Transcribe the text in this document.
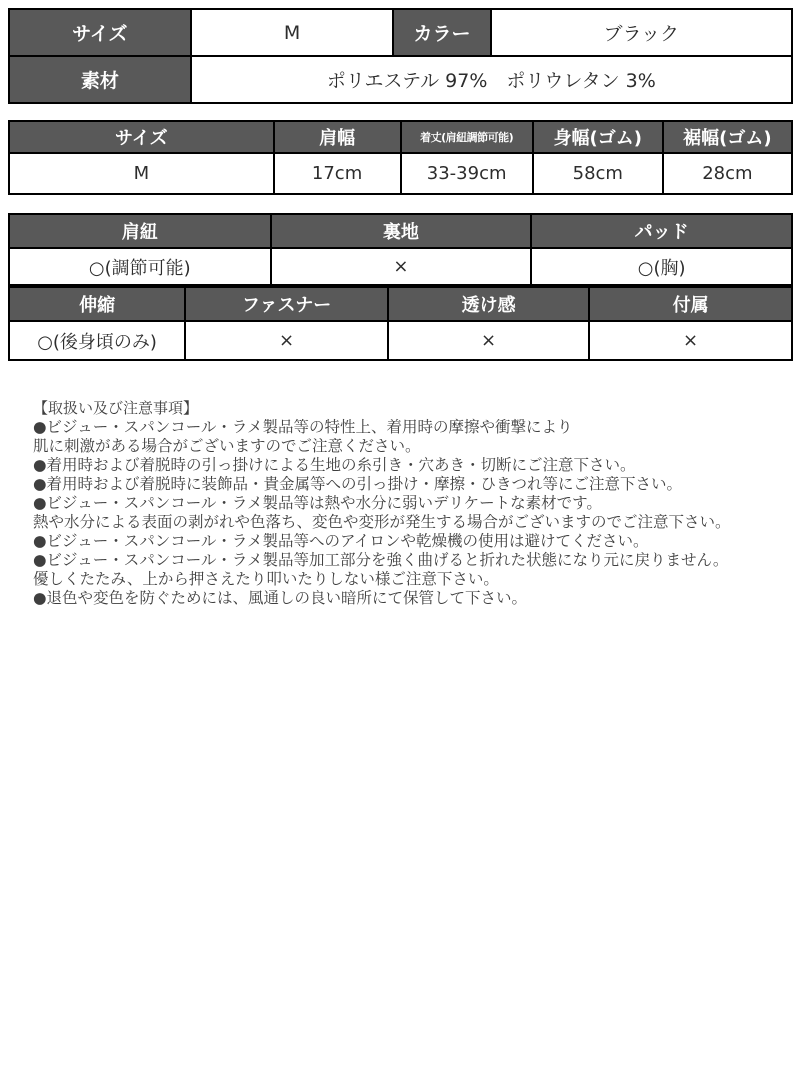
サイズ	M	カラー	ブラック
素材	ポリエステル 97%　ポリウレタン 3%		
サイズ	肩幅	着丈(肩紐調節可能)	身幅(ゴム)	裾幅(ゴム)
M	17cm	33-39cm	58cm	28cm
肩紐	裏地	パッド
○(調節可能)	×	○(胸)
伸縮	ファスナー	透け感	付属
○(後身頃のみ)	×	×	×

【取扱い及び注意事項】

●ビジュー・スパンコール・ラメ製品等の特性上、着用時の摩擦や衝撃により

肌に刺激がある場合がございますのでご注意ください。

●着用時および着脱時の引っ掛けによる生地の糸引き・穴あき・切断にご注意下さい。

●着用時および着脱時に装飾品・貴金属等への引っ掛け・摩擦・ひきつれ等にご注意下さい。

●ビジュー・スパンコール・ラメ製品等は熱や水分に弱いデリケートな素材です。

熱や水分による表面の剥がれや色落ち、変色や変形が発生する場合がございますのでご注意下さい。

●ビジュー・スパンコール・ラメ製品等へのアイロンや乾燥機の使用は避けてください。

●ビジュー・スパンコール・ラメ製品等加工部分を強く曲げると折れた状態になり元に戻りません。

優しくたたみ、上から押さえたり叩いたりしない様ご注意下さい。

●退色や変色を防ぐためには、風通しの良い暗所にて保管して下さい。
